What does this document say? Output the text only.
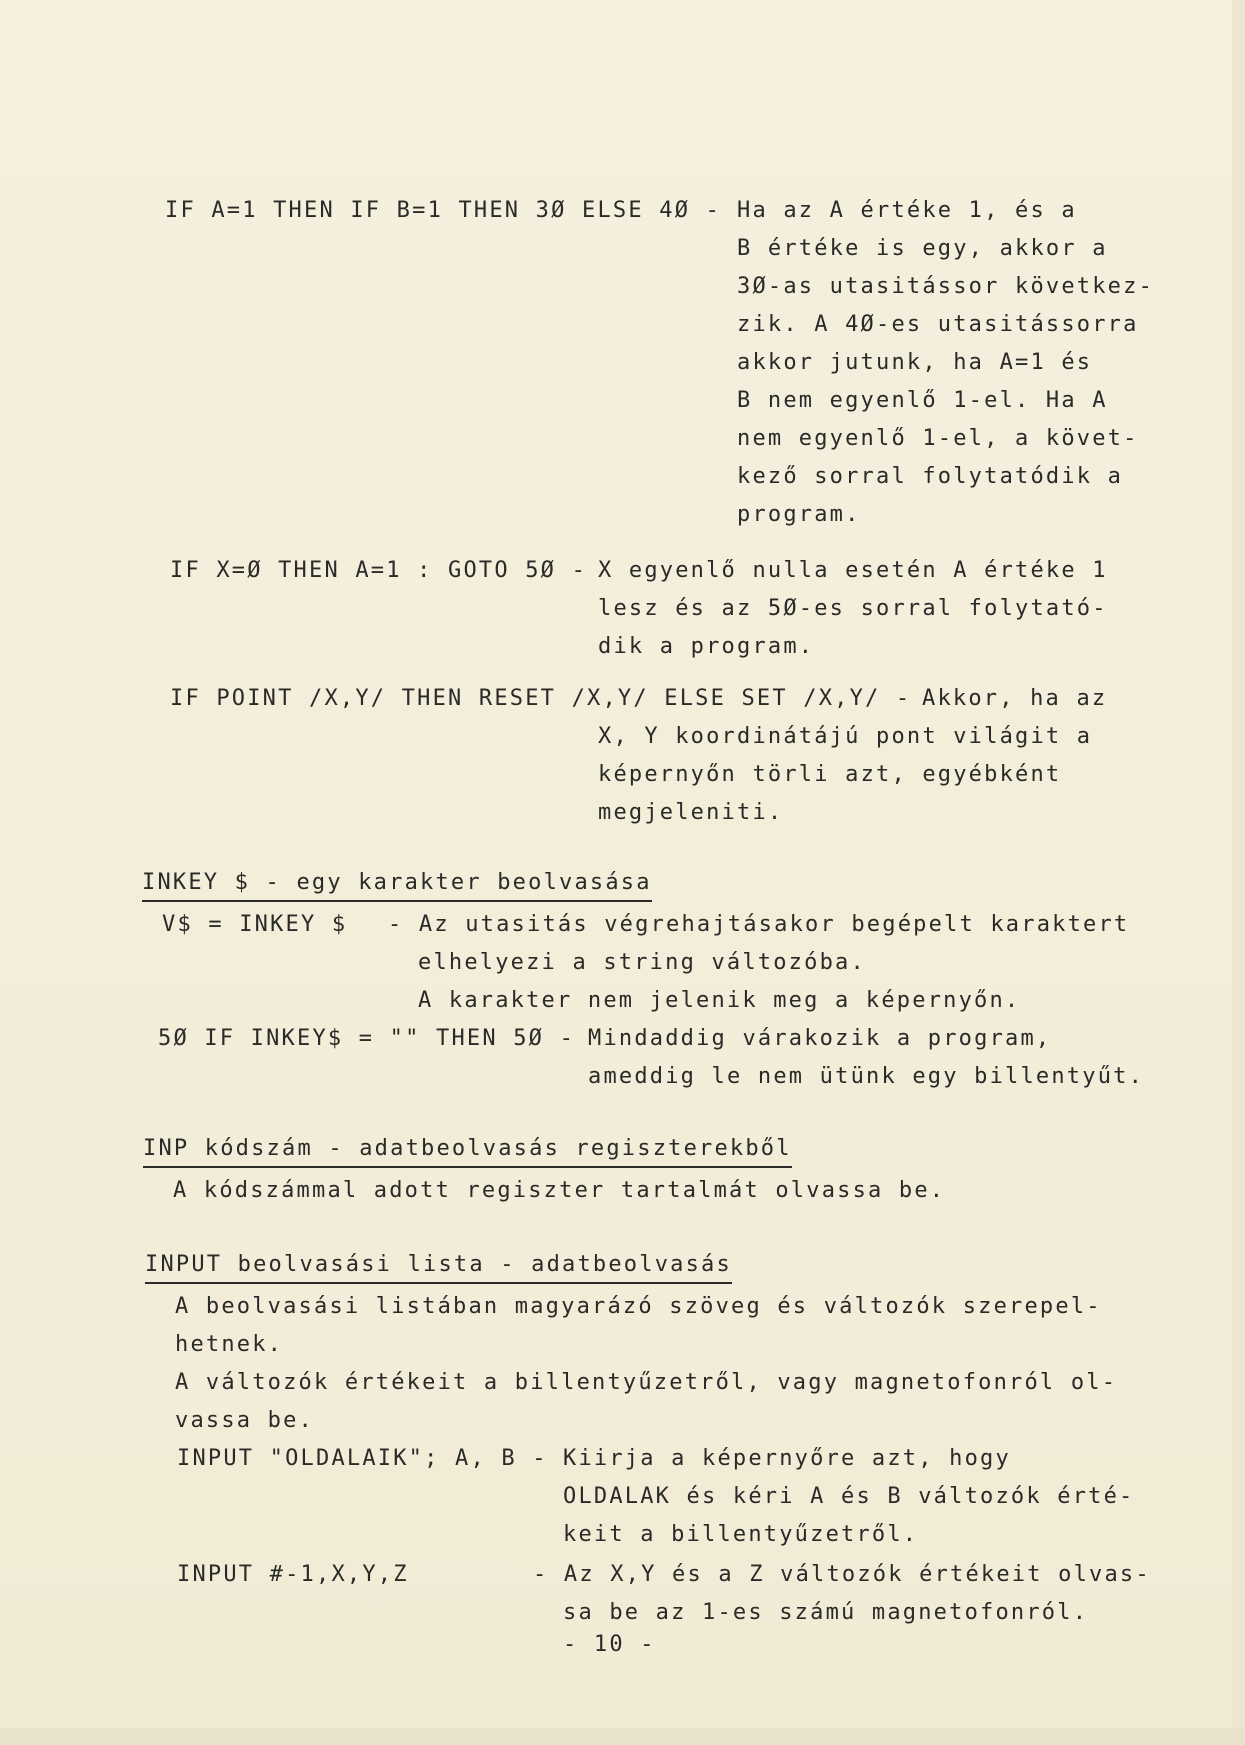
IF A=1 THEN IF B=1 THEN 3Ø ELSE 4Ø - Ha az A értéke 1, és a
B értéke is egy, akkor a
3Ø-as utasitássor következ-
zik. A 4Ø-es utasitássorra
akkor jutunk, ha A=1 és
B nem egyenlő 1-el. Ha A
nem egyenlő 1-el, a követ-
kező sorral folytatódik a
program.
IF X=Ø THEN A=1 : GOTO 5Ø - X egyenlő nulla esetén A értéke 1
lesz és az 5Ø-es sorral folytató-
dik a program.
IF POINT /X,Y/ THEN RESET /X,Y/ ELSE SET /X,Y/ - Akkor, ha az
X, Y koordinátájú pont világit a
képernyőn törli azt, egyébként
megjeleniti.
INKEY $ - egy karakter beolvasása
V$ = INKEY $ - Az utasitás végrehajtásakor begépelt karaktert
elhelyezi a string változóba.
A karakter nem jelenik meg a képernyőn.
5Ø IF INKEY$ = "" THEN 5Ø - Mindaddig várakozik a program,
ameddig le nem ütünk egy billentyűt.
INP kódszám - adatbeolvasás regiszterekből
A kódszámmal adott regiszter tartalmát olvassa be.
INPUT beolvasási lista - adatbeolvasás
A beolvasási listában magyarázó szöveg és változók szerepel-
hetnek.
A változók értékeit a billentyűzetről, vagy magnetofonról ol-
vassa be.
INPUT "OLDALAIK"; A, B - Kiirja a képernyőre azt, hogy
OLDALAK és kéri A és B változók érté-
keit a billentyűzetről.
INPUT #-1,X,Y,Z	- Az X,Y és a Z változók értékeit olvas-
sa be az 1-es számú magnetofonról.
- 10 -
